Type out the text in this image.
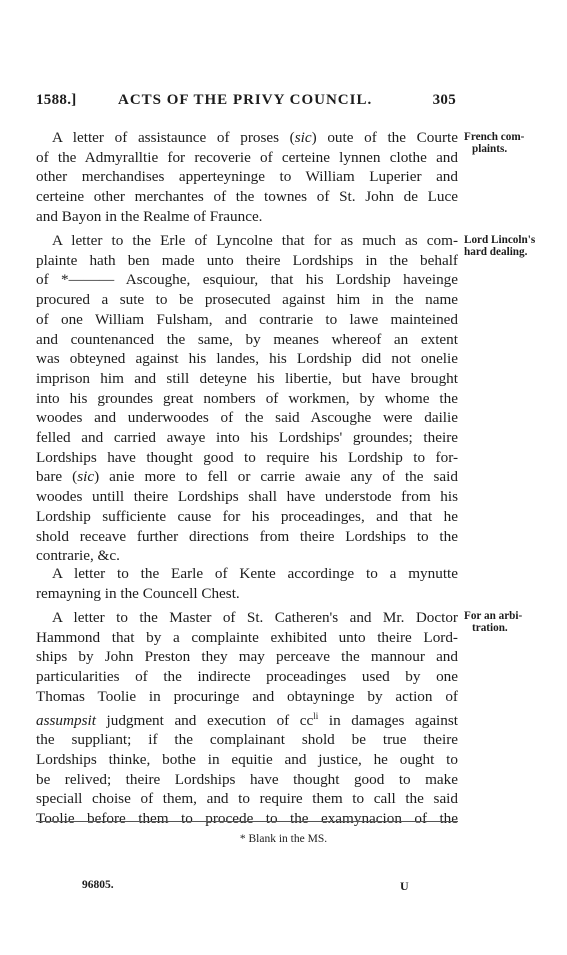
1588.]	ACTS OF THE PRIVY COUNCIL.	305
A letter of assistaunce of proses (sic) oute of the Courte
of the Admyralltie for recoverie of certeine lynnen clothe and
other merchandises apperteyninge to William Luperier and
certeine other merchantes of the townes of St. John de Luce
and Bayon in the Realme of Fraunce.
French com-
plaints.
A letter to the Erle of Lyncolne that for as much as com-
plainte hath ben made unto theire Lordships in the behalf
of *——— Ascoughe, esquiour, that his Lordship haveinge
procured a sute to be prosecuted against him in the name
of one William Fulsham, and contrarie to lawe mainteined
and countenanced the same, by meanes whereof an extent
was obteyned against his landes, his Lordship did not onelie
imprison him and still deteyne his libertie, but have brought
into his groundes great nombers of workmen, by whome the
woodes and underwoodes of the said Ascoughe were dailie
felled and carried awaye into his Lordships' groundes; theire
Lordships have thought good to require his Lordship to for-
bare (sic) anie more to fell or carrie awaie any of the said
woodes untill theire Lordships shall have understode from his
Lordship sufficiente cause for his proceadinges, and that he
shold receave further directions from theire Lordships to the
contrarie, &c.
Lord Lincoln's
hard dealing.
A letter to the Earle of Kente accordinge to a mynutte
remayning in the Councell Chest.
A letter to the Master of St. Catheren's and Mr. Doctor
Hammond that by a complainte exhibited unto theire Lord-
ships by John Preston they may perceave the mannour and
particularities of the indirecte proceadinges used by one
Thomas Toolie in procuringe and obtayninge by action of
assumpsit judgment and execution of $cc^{li}$ in damages against
the suppliant; if the complainant shold be true theire
Lordships thinke, bothe in equitie and justice, he ought to
be relived; theire Lordships have thought good to make
speciall choise of them, and to require them to call the said
Toolie before them to procede to the examynacion of the
For an arbi-
tration.
* Blank in the MS.
96805.	U
